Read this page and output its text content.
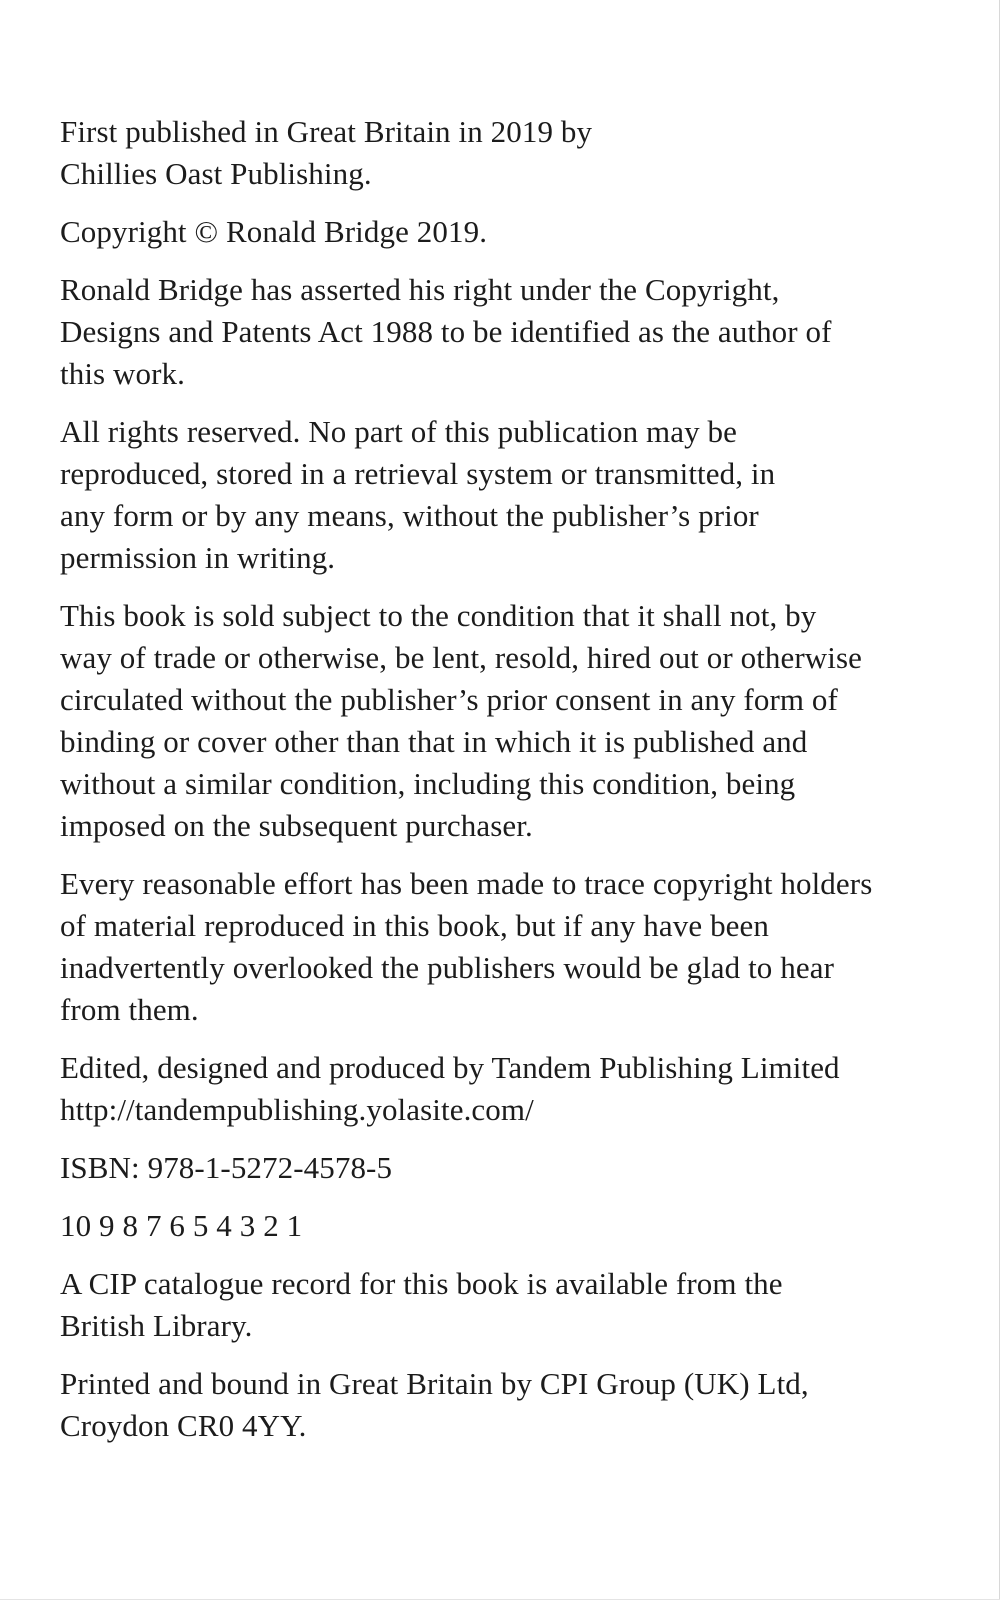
First published in Great Britain in 2019 by
Chillies Oast Publishing.

Copyright © Ronald Bridge 2019.

Ronald Bridge has asserted his right under the Copyright,
Designs and Patents Act 1988 to be identified as the author of
this work.

All rights reserved. No part of this publication may be
reproduced, stored in a retrieval system or transmitted, in
any form or by any means, without the publisher’s prior
permission in writing.

This book is sold subject to the condition that it shall not, by
way of trade or otherwise, be lent, resold, hired out or otherwise
circulated without the publisher’s prior consent in any form of
binding or cover other than that in which it is published and
without a similar condition, including this condition, being
imposed on the subsequent purchaser.

Every reasonable effort has been made to trace copyright holders
of material reproduced in this book, but if any have been
inadvertently overlooked the publishers would be glad to hear
from them.

Edited, designed and produced by Tandem Publishing Limited
http://tandempublishing.yolasite.com/

ISBN: 978-1-5272-4578-5

10 9 8 7 6 5 4 3 2 1

A CIP catalogue record for this book is available from the
British Library.

Printed and bound in Great Britain by CPI Group (UK) Ltd,
Croydon CR0 4YY.
